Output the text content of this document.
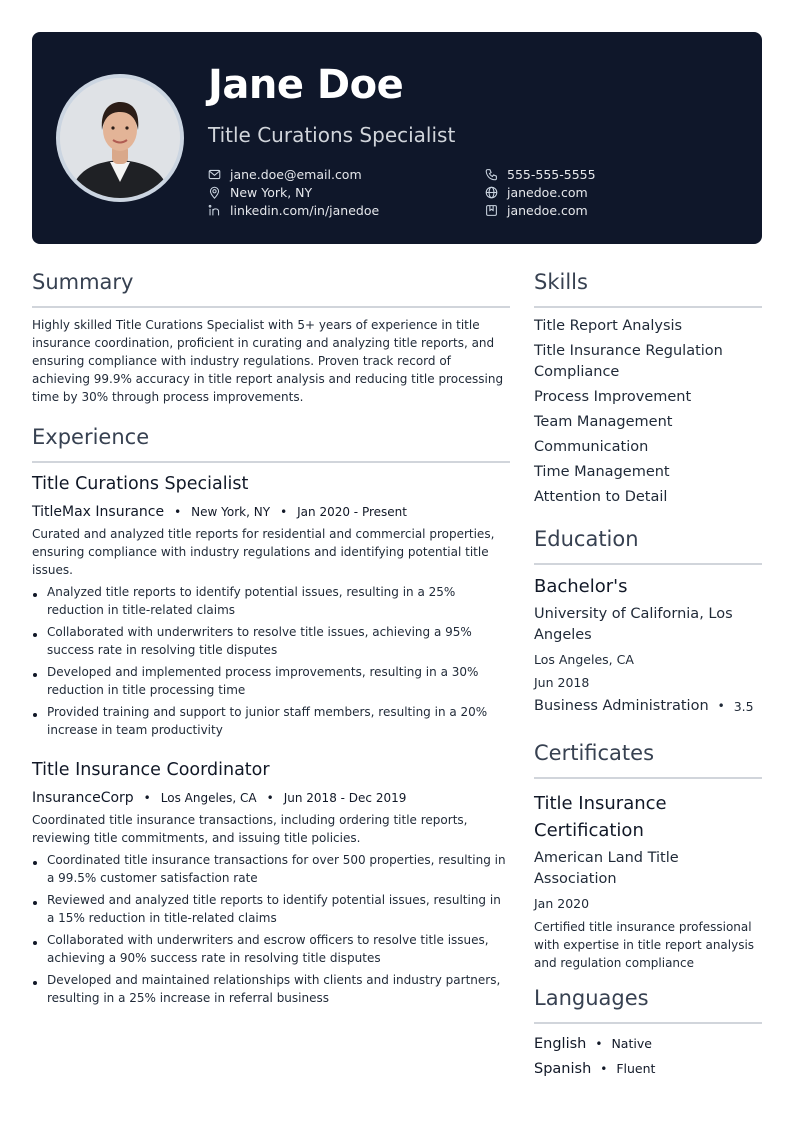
Jane Doe
Title Curations Specialist
jane.doe@email.com	555-555-5555
New York, NY	janedoe.com
linkedin.com/in/janedoe	janedoe.com
Summary
Highly skilled Title Curations Specialist with 5+ years of experience in title insurance coordination, proficient in curating and analyzing title reports, and ensuring compliance with industry regulations. Proven track record of achieving 99.9% accuracy in title report analysis and reducing title processing time by 30% through process improvements.
Experience
Title Curations Specialist
TitleMax Insurance • New York, NY • Jan 2020 - Present
Curated and analyzed title reports for residential and commercial properties, ensuring compliance with industry regulations and identifying potential title issues.
Analyzed title reports to identify potential issues, resulting in a 25% reduction in title-related claims
Collaborated with underwriters to resolve title issues, achieving a 95% success rate in resolving title disputes
Developed and implemented process improvements, resulting in a 30% reduction in title processing time
Provided training and support to junior staff members, resulting in a 20% increase in team productivity
Title Insurance Coordinator
InsuranceCorp • Los Angeles, CA • Jun 2018 - Dec 2019
Coordinated title insurance transactions, including ordering title reports, reviewing title commitments, and issuing title policies.
Coordinated title insurance transactions for over 500 properties, resulting in a 99.5% customer satisfaction rate
Reviewed and analyzed title reports to identify potential issues, resulting in a 15% reduction in title-related claims
Collaborated with underwriters and escrow officers to resolve title issues, achieving a 90% success rate in resolving title disputes
Developed and maintained relationships with clients and industry partners, resulting in a 25% increase in referral business
Skills
Title Report Analysis
Title Insurance Regulation Compliance
Process Improvement
Team Management
Communication
Time Management
Attention to Detail
Education
Bachelor's
University of California, Los Angeles
Los Angeles, CA
Jun 2018
Business Administration • 3.5
Certificates
Title Insurance Certification
American Land Title Association
Jan 2020
Certified title insurance professional with expertise in title report analysis and regulation compliance
Languages
English • Native
Spanish • Fluent
